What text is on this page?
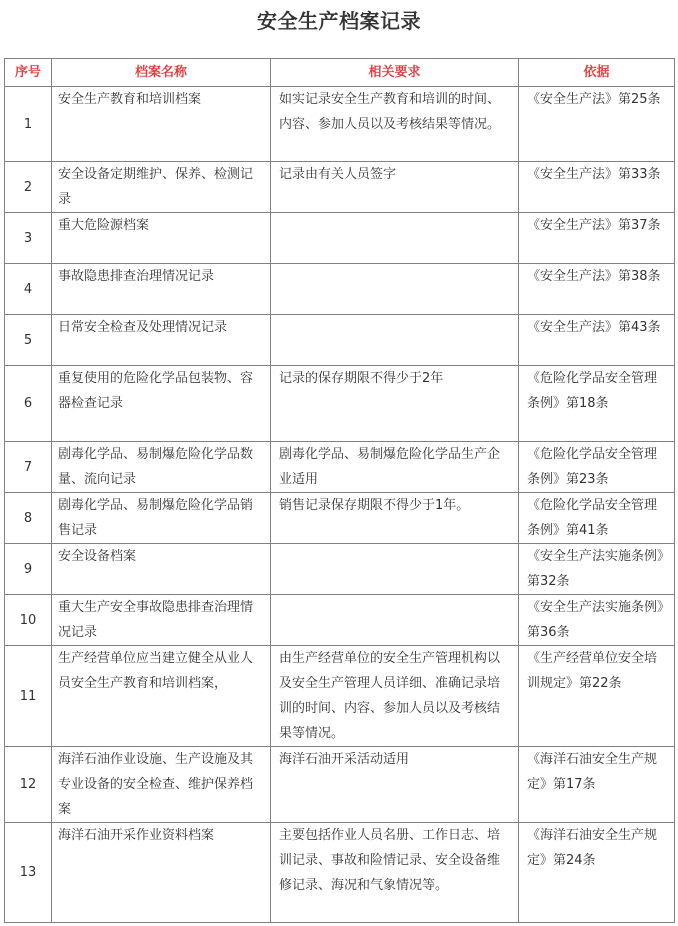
安全生产档案记录
序号	档案名称	相关要求	依据
1	安全生产教育和培训档案	如实记录安全生产教育和培训的时间、内容、参加人员以及考核结果等情况。	《安全生产法》第25条
2	安全设备定期维护、保养、检测记录	记录由有关人员签字	《安全生产法》第33条
3	重大危险源档案		《安全生产法》第37条
4	事故隐患排查治理情况记录		《安全生产法》第38条
5	日常安全检查及处理情况记录		《安全生产法》第43条
6	重复使用的危险化学品包装物、容器检查记录	记录的保存期限不得少于2年	《危险化学品安全管理条例》第18条
7	剧毒化学品、易制爆危险化学品数量、流向记录	剧毒化学品、易制爆危险化学品生产企业适用	《危险化学品安全管理条例》第23条
8	剧毒化学品、易制爆危险化学品销售记录	销售记录保存期限不得少于1年。	《危险化学品安全管理条例》第41条
9	安全设备档案		《安全生产法实施条例》第32条
10	重大生产安全事故隐患排查治理情况记录		《安全生产法实施条例》第36条
11	生产经营单位应当建立健全从业人员安全生产教育和培训档案，	由生产经营单位的安全生产管理机构以及安全生产管理人员详细、准确记录培训的时间、内容、参加人员以及考核结果等情况。	《生产经营单位安全培训规定》第22条
12	海洋石油作业设施、生产设施及其专业设备的安全检查、维护保养档案	海洋石油开采活动适用	《海洋石油安全生产规定》第17条
13	海洋石油开采作业资料档案	主要包括作业人员名册、工作日志、培训记录、事故和险情记录、安全设备维修记录、海况和气象情况等。	《海洋石油安全生产规定》第24条
